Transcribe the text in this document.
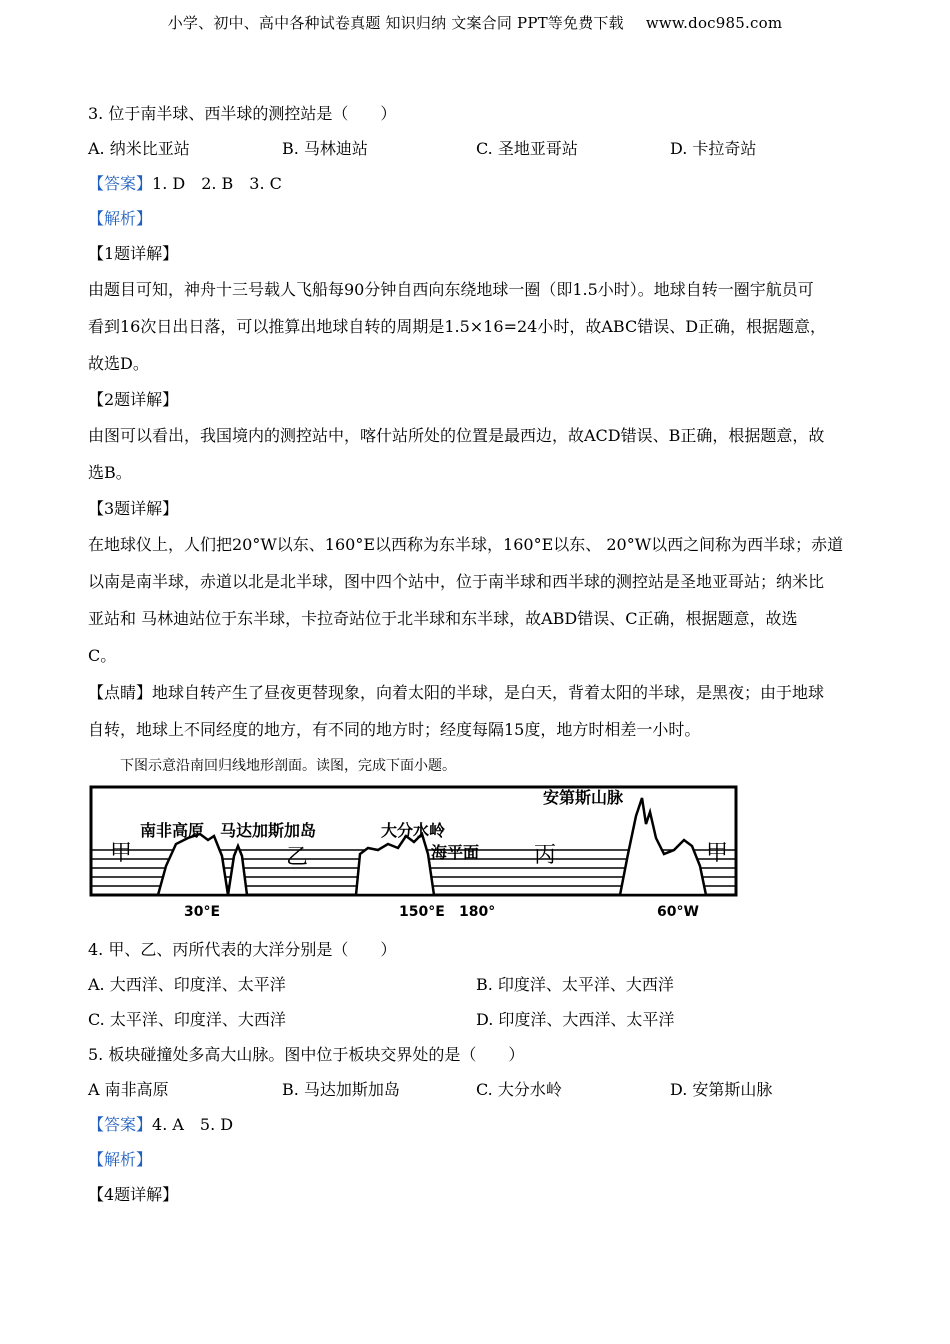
小学、初中、高中各种试卷真题 知识归纳 文案合同 PPT等免费下载 www.doc985.com
3. 位于南半球、西半球的测控站是（　　）
A. 纳米比亚站	B. 马林迪站	C. 圣地亚哥站	D. 卡拉奇站
【答案】1. D　2. B　3. C
【解析】
【1题详解】
由题目可知，神舟十三号载人飞船每90分钟自西向东绕地球一圈（即1.5小时）。地球自转一圈宇航员可
看到16次日出日落，可以推算出地球自转的周期是1.5×16=24小时，故ABC错误、D正确，根据题意，
故选D。
【2题详解】
由图可以看出，我国境内的测控站中，喀什站所处的位置是最西边，故ACD错误、B正确，根据题意，故
选B。
【3题详解】
在地球仪上，人们把20°W以东、160°E以西称为东半球，160°E以东、 20°W以西之间称为西半球；赤道
以南是南半球，赤道以北是北半球，图中四个站中，位于南半球和西半球的测控站是圣地亚哥站；纳米比
亚站和 马林迪站位于东半球，卡拉奇站位于北半球和东半球，故ABD错误、C正确，根据题意，故选
C。
【点睛】地球自转产生了昼夜更替现象，向着太阳的半球，是白天，背着太阳的半球，是黑夜；由于地球
自转，地球上不同经度的地方，有不同的地方时；经度每隔15度，地方时相差一小时。
下图示意沿南回归线地形剖面。读图，完成下面小题。
南非高原 马达加斯加岛	大分水岭
海平面
安第斯山脉
甲	乙	丙	甲
30°E	150°E 180°	60°W
4. 甲、乙、丙所代表的大洋分别是（　　）
A. 大西洋、印度洋、太平洋	B. 印度洋、太平洋、大西洋
C. 太平洋、印度洋、大西洋	D. 印度洋、大西洋、太平洋
5. 板块碰撞处多高大山脉。图中位于板块交界处的是（　　）
A 南非高原	B. 马达加斯加岛	C. 大分水岭	D. 安第斯山脉
【答案】4. A　5. D
【解析】
【4题详解】
